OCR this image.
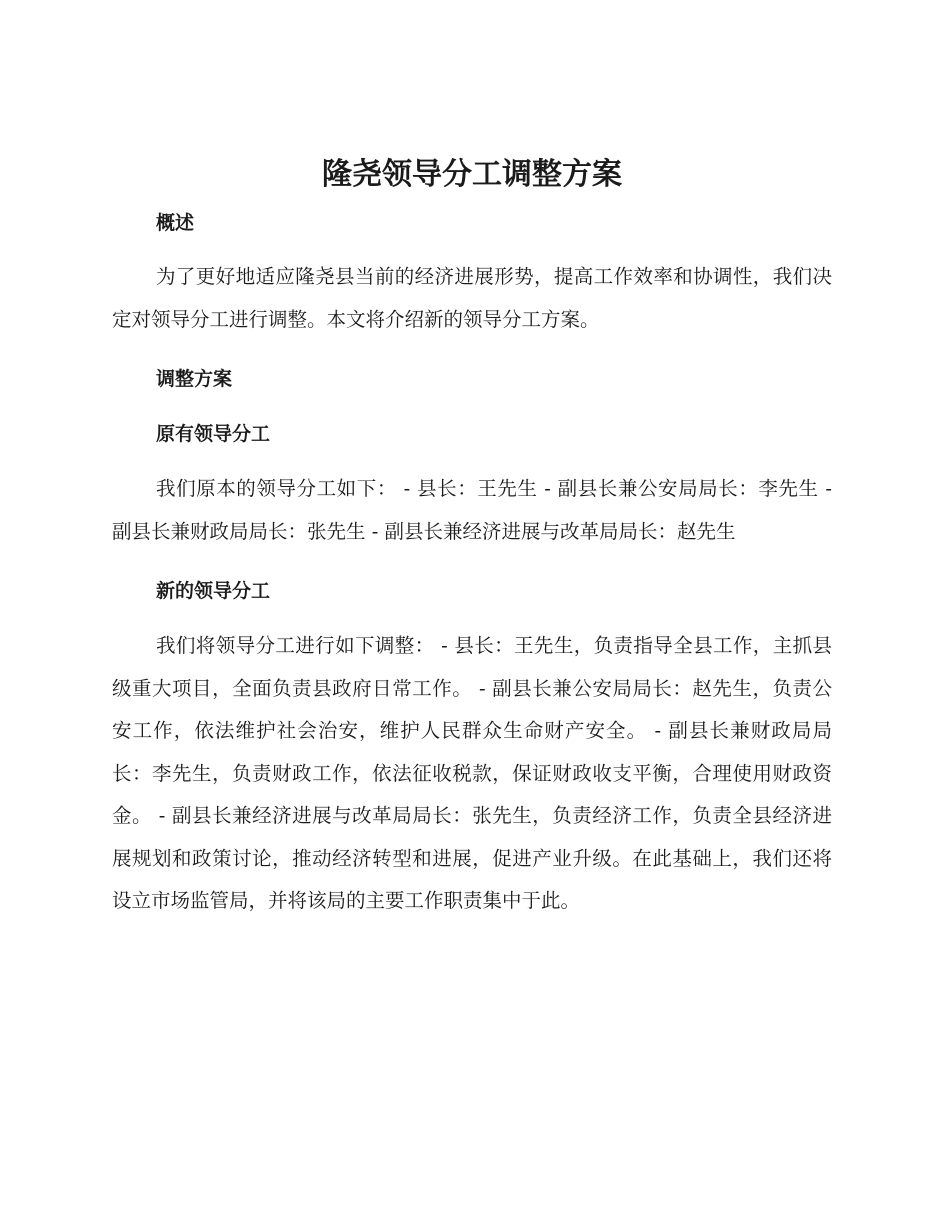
隆尧领导分工调整方案
概述

为了更好地适应隆尧县当前的经济进展形势，提高工作效率和协调性，我们决定对领导分工进行调整。本文将介绍新的领导分工方案。

调整方案
原有领导分工

我们原本的领导分工如下： - 县长：王先生 - 副县长兼公安局局长：李先生 - 副县长兼财政局局长：张先生 - 副县长兼经济进展与改革局局长：赵先生

新的领导分工

我们将领导分工进行如下调整： - 县长：王先生，负责指导全县工作，主抓县级重大项目，全面负责县政府日常工作。 - 副县长兼公安局局长：赵先生，负责公安工作，依法维护社会治安，维护人民群众生命财产安全。 - 副县长兼财政局局长：李先生，负责财政工作，依法征收税款，保证财政收支平衡，合理使用财政资金。 - 副县长兼经济进展与改革局局长：张先生，负责经济工作，负责全县经济进展规划和政策讨论，推动经济转型和进展，促进产业升级。在此基础上，我们还将设立市场监管局，并将该局的主要工作职责集中于此。
